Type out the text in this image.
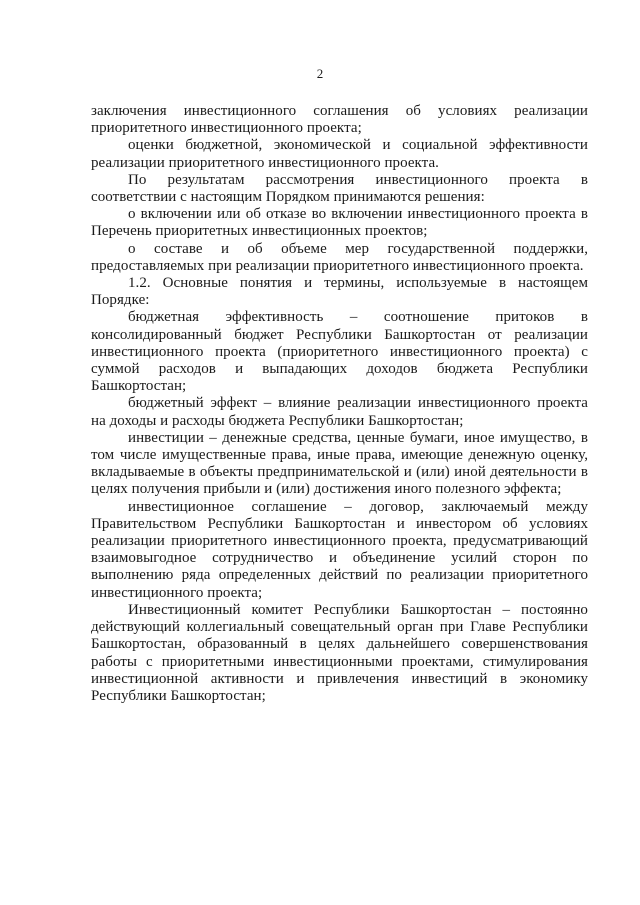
2

заключения инвестиционного соглашения об условиях реализации приоритетного инвестиционного проекта;

оценки бюджетной, экономической и социальной эффективности реализации приоритетного инвестиционного проекта.

По результатам рассмотрения инвестиционного проекта в соответствии с настоящим Порядком принимаются решения:

о включении или об отказе во включении инвестиционного проекта в Перечень приоритетных инвестиционных проектов;

о составе и об объеме мер государственной поддержки, предоставляемых при реализации приоритетного инвестиционного проекта.

1.2. Основные понятия и термины, используемые в настоящем Порядке:

бюджетная эффективность – соотношение притоков в консолидированный бюджет Республики Башкортостан от реализации инвестиционного проекта (приоритетного инвестиционного проекта) с суммой расходов и выпадающих доходов бюджета Республики Башкортостан;

бюджетный эффект – влияние реализации инвестиционного проекта на доходы и расходы бюджета Республики Башкортостан;

инвестиции – денежные средства, ценные бумаги, иное имущество, в том числе имущественные права, иные права, имеющие денежную оценку, вкладываемые в объекты предпринимательской и (или) иной деятельности в целях получения прибыли и (или) достижения иного полезного эффекта;

инвестиционное соглашение – договор, заключаемый между Правительством Республики Башкортостан и инвестором об условиях реализации приоритетного инвестиционного проекта, предусматривающий взаимовыгодное сотрудничество и объединение усилий сторон по выполнению ряда определенных действий по реализации приоритетного инвестиционного проекта;

Инвестиционный комитет Республики Башкортостан – постоянно действующий коллегиальный совещательный орган при Главе Республики Башкортостан, образованный в целях дальнейшего совершенствования работы с приоритетными инвестиционными проектами, стимулирования инвестиционной активности и привлечения инвестиций в экономику Республики Башкортостан;
